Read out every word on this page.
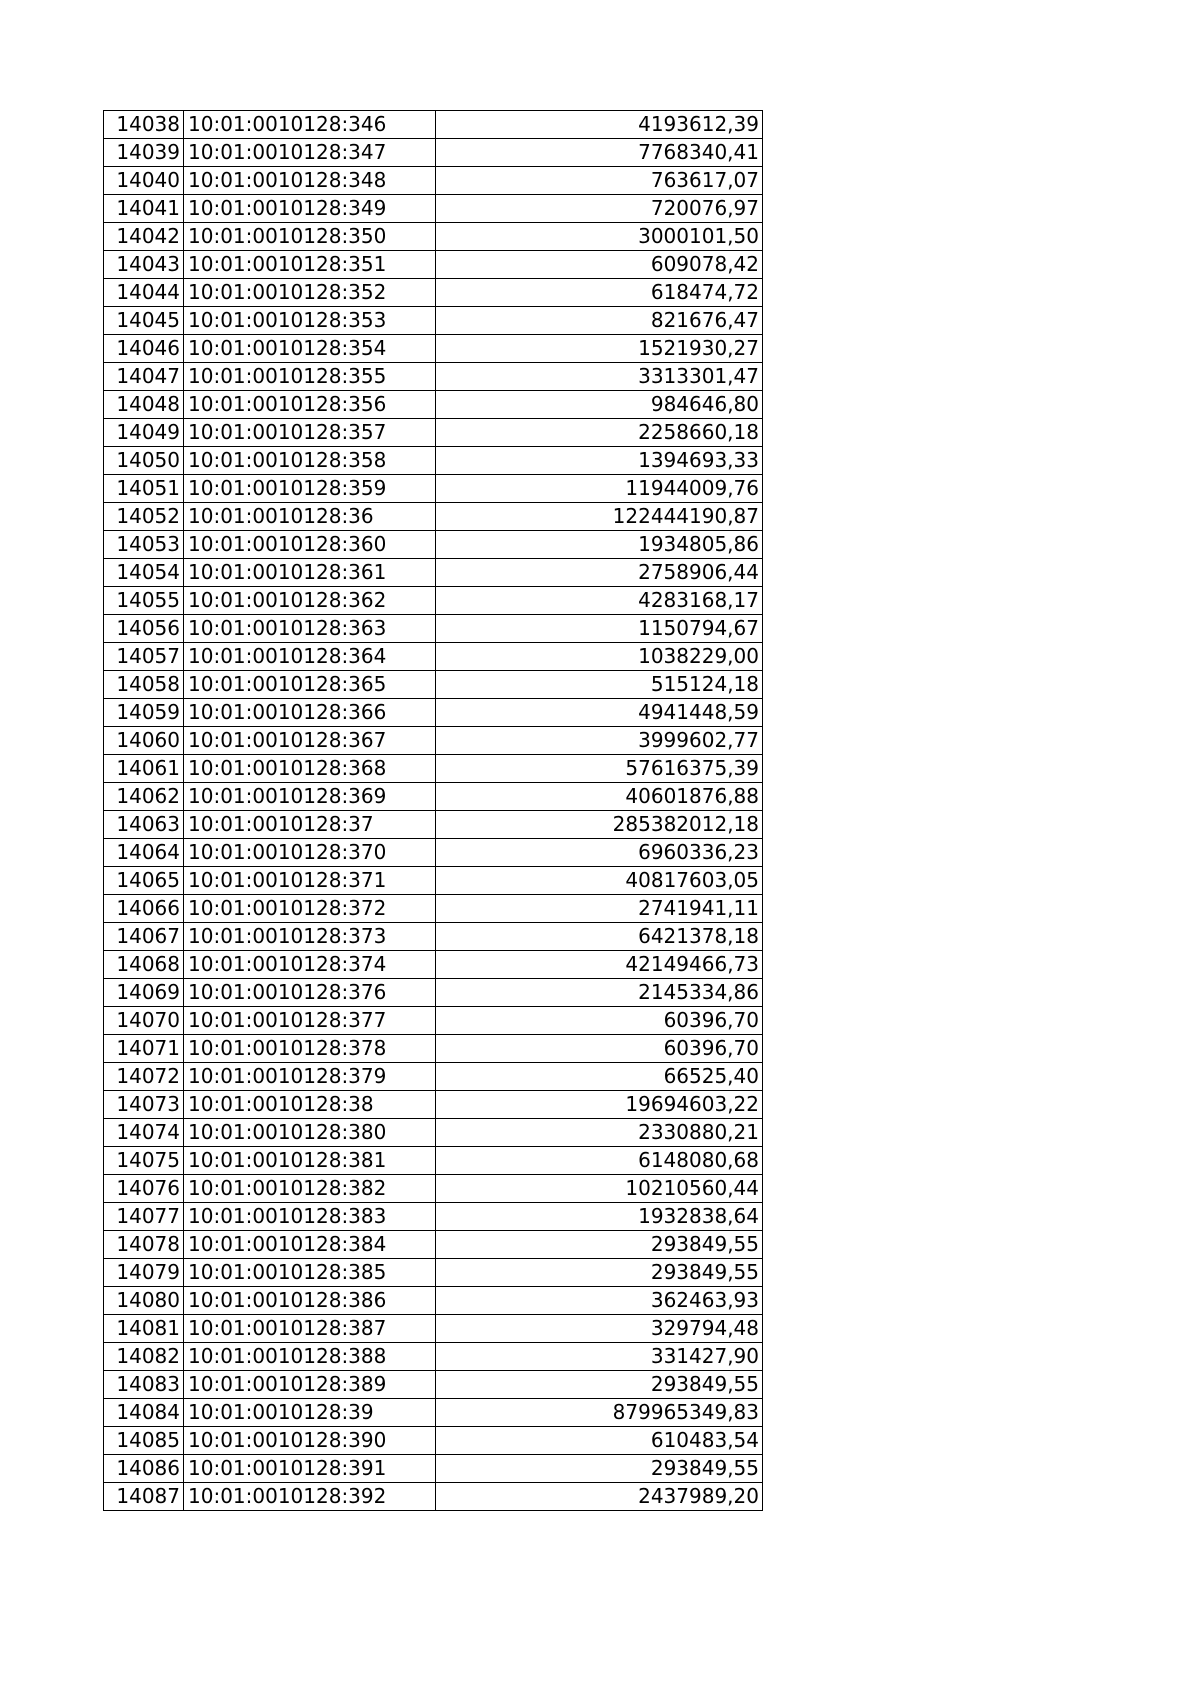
14038	10:01:0010128:346	4193612,39
14039	10:01:0010128:347	7768340,41
14040	10:01:0010128:348	763617,07
14041	10:01:0010128:349	720076,97
14042	10:01:0010128:350	3000101,50
14043	10:01:0010128:351	609078,42
14044	10:01:0010128:352	618474,72
14045	10:01:0010128:353	821676,47
14046	10:01:0010128:354	1521930,27
14047	10:01:0010128:355	3313301,47
14048	10:01:0010128:356	984646,80
14049	10:01:0010128:357	2258660,18
14050	10:01:0010128:358	1394693,33
14051	10:01:0010128:359	11944009,76
14052	10:01:0010128:36	122444190,87
14053	10:01:0010128:360	1934805,86
14054	10:01:0010128:361	2758906,44
14055	10:01:0010128:362	4283168,17
14056	10:01:0010128:363	1150794,67
14057	10:01:0010128:364	1038229,00
14058	10:01:0010128:365	515124,18
14059	10:01:0010128:366	4941448,59
14060	10:01:0010128:367	3999602,77
14061	10:01:0010128:368	57616375,39
14062	10:01:0010128:369	40601876,88
14063	10:01:0010128:37	285382012,18
14064	10:01:0010128:370	6960336,23
14065	10:01:0010128:371	40817603,05
14066	10:01:0010128:372	2741941,11
14067	10:01:0010128:373	6421378,18
14068	10:01:0010128:374	42149466,73
14069	10:01:0010128:376	2145334,86
14070	10:01:0010128:377	60396,70
14071	10:01:0010128:378	60396,70
14072	10:01:0010128:379	66525,40
14073	10:01:0010128:38	19694603,22
14074	10:01:0010128:380	2330880,21
14075	10:01:0010128:381	6148080,68
14076	10:01:0010128:382	10210560,44
14077	10:01:0010128:383	1932838,64
14078	10:01:0010128:384	293849,55
14079	10:01:0010128:385	293849,55
14080	10:01:0010128:386	362463,93
14081	10:01:0010128:387	329794,48
14082	10:01:0010128:388	331427,90
14083	10:01:0010128:389	293849,55
14084	10:01:0010128:39	879965349,83
14085	10:01:0010128:390	610483,54
14086	10:01:0010128:391	293849,55
14087	10:01:0010128:392	2437989,20
